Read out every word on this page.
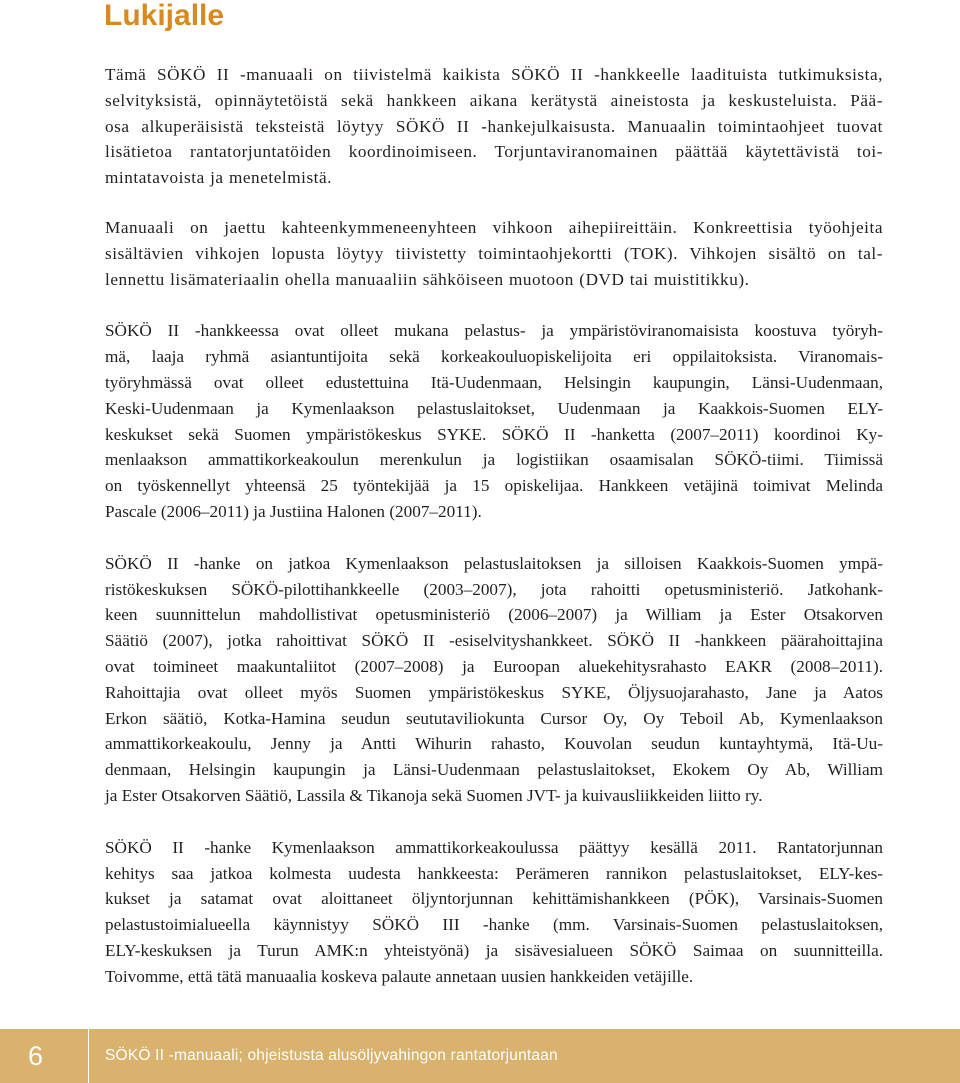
Lukijalle

Tämä SÖKÖ II -manuaali on tiivistelmä kaikista SÖKÖ II -hankkeelle laadituista tutkimuksista,
selvityksistä, opinnäytetöistä sekä hankkeen aikana kerätystä aineistosta ja keskusteluista. Pää-
osa alkuperäisistä teksteistä löytyy SÖKÖ II -hankejulkaisusta. Manuaalin toimintaohjeet tuovat
lisätietoa rantatorjuntatöiden koordinoimiseen. Torjuntaviranomainen päättää käytettävistä toi-
mintatavoista ja menetelmistä.

Manuaali on jaettu kahteenkymmeneenyhteen vihkoon aihepiireittäin. Konkreettisia työohjeita
sisältävien vihkojen lopusta löytyy tiivistetty toimintaohjekortti (TOK). Vihkojen sisältö on tal-
lennettu lisämateriaalin ohella manuaaliin sähköiseen muotoon (DVD tai muistitikku).

SÖKÖ II -hankkeessa ovat olleet mukana pelastus- ja ympäristöviranomaisista koostuva työryh-
mä, laaja ryhmä asiantuntijoita sekä korkeakouluopiskelijoita eri oppilaitoksista. Viranomais-
työryhmässä ovat olleet edustettuina Itä-Uudenmaan, Helsingin kaupungin, Länsi-Uudenmaan,
Keski-Uudenmaan ja Kymenlaakson pelastuslaitokset, Uudenmaan ja Kaakkois-Suomen ELY-
keskukset sekä Suomen ympäristökeskus SYKE. SÖKÖ II -hanketta (2007–2011) koordinoi Ky-
menlaakson ammattikorkeakoulun merenkulun ja logistiikan osaamisalan SÖKÖ-tiimi. Tiimissä
on työskennellyt yhteensä 25 työntekijää ja 15 opiskelijaa. Hankkeen vetäjinä toimivat Melinda
Pascale (2006–2011) ja Justiina Halonen (2007–2011).

SÖKÖ II -hanke on jatkoa Kymenlaakson pelastuslaitoksen ja silloisen Kaakkois-Suomen ympä-
ristökeskuksen SÖKÖ-pilottihankkeelle (2003–2007), jota rahoitti opetusministeriö. Jatkohank-
keen suunnittelun mahdollistivat opetusministeriö (2006–2007) ja William ja Ester Otsakorven
Säätiö (2007), jotka rahoittivat SÖKÖ II -esiselvityshankkeet. SÖKÖ II -hankkeen päärahoittajina
ovat toimineet maakuntaliitot (2007–2008) ja Euroopan aluekehitysrahasto EAKR (2008–2011).
Rahoittajia ovat olleet myös Suomen ympäristökeskus SYKE, Öljysuojarahasto, Jane ja Aatos
Erkon säätiö, Kotka-Hamina seudun seututaviliokunta Cursor Oy, Oy Teboil Ab, Kymenlaakson
ammattikorkeakoulu, Jenny ja Antti Wihurin rahasto, Kouvolan seudun kuntayhtymä, Itä-Uu-
denmaan, Helsingin kaupungin ja Länsi-Uudenmaan pelastuslaitokset, Ekokem Oy Ab, William
ja Ester Otsakorven Säätiö, Lassila & Tikanoja sekä Suomen JVT- ja kuivausliikkeiden liitto ry.

SÖKÖ II -hanke Kymenlaakson ammattikorkeakoulussa päättyy kesällä 2011. Rantatorjunnan
kehitys saa jatkoa kolmesta uudesta hankkeesta: Perämeren rannikon pelastuslaitokset, ELY-kes-
kukset ja satamat ovat aloittaneet öljyntorjunnan kehittämishankkeen (PÖK), Varsinais-Suomen
pelastustoimialueella käynnistyy SÖKÖ III -hanke (mm. Varsinais-Suomen pelastuslaitoksen,
ELY-keskuksen ja Turun AMK:n yhteistyönä) ja sisävesialueen SÖKÖ Saimaa on suunnitteilla.
Toivomme, että tätä manuaalia koskeva palaute annetaan uusien hankkeiden vetäjille.

6	SÖKÖ II -manuaali; ohjeistusta alusöljyvahingon rantatorjuntaan
